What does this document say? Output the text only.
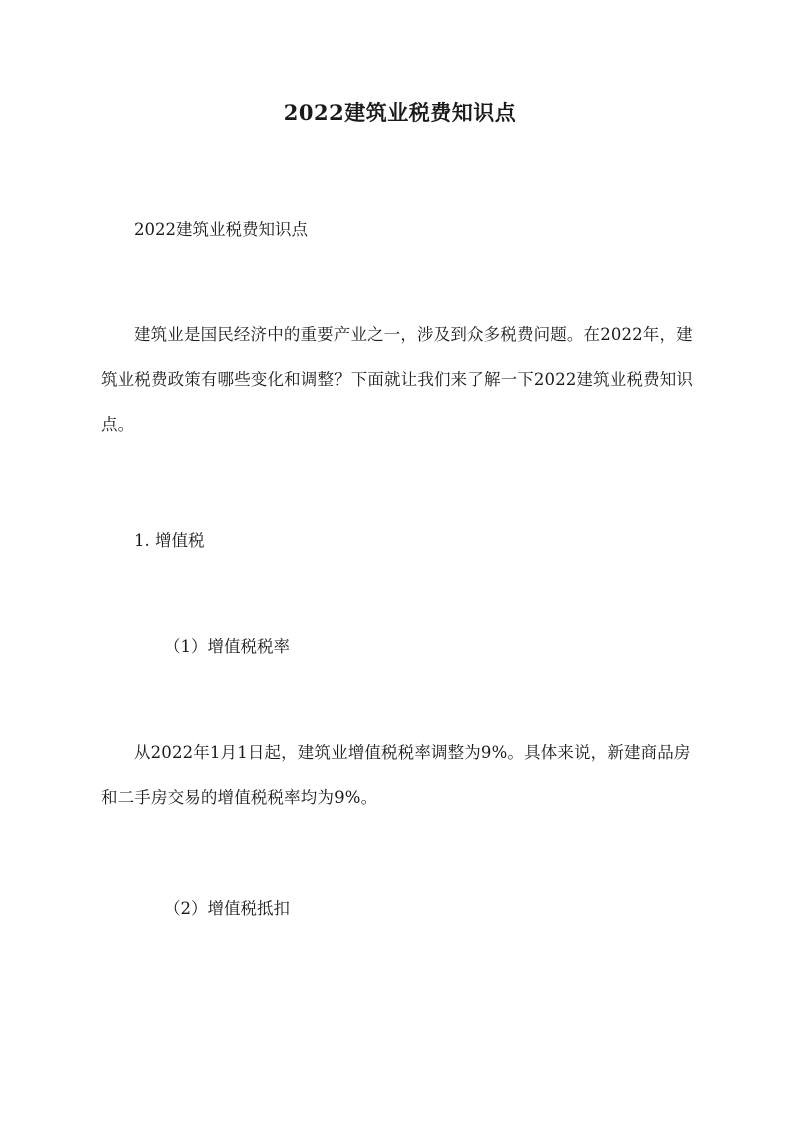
2022建筑业税费知识点

2022建筑业税费知识点

建筑业是国民经济中的重要产业之一，涉及到众多税费问题。在2022年，建筑业税费政策有哪些变化和调整？下面就让我们来了解一下2022建筑业税费知识点。

1. 增值税

（1）增值税税率

从2022年1月1日起，建筑业增值税税率调整为9%。具体来说，新建商品房和二手房交易的增值税税率均为9%。

（2）增值税抵扣
